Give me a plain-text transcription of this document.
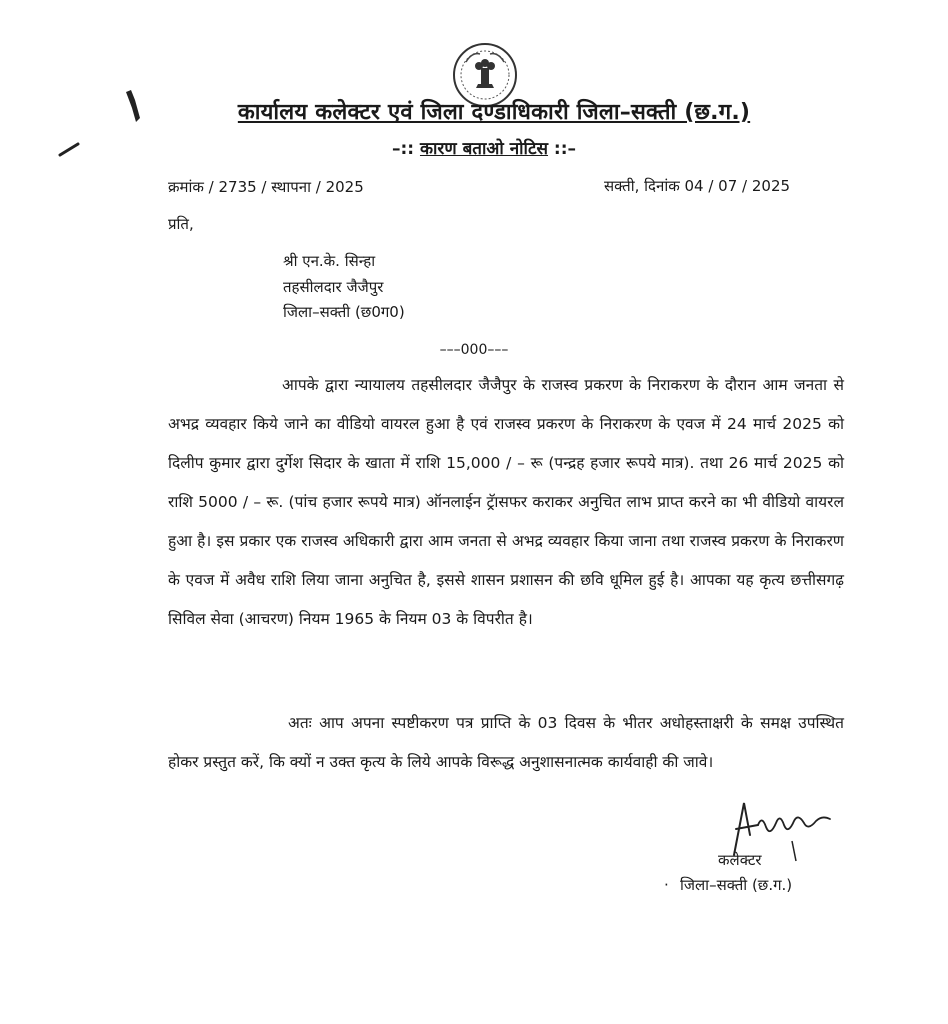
कार्यालय कलेक्टर एवं जिला दण्डाधिकारी जिला–सक्ती (छ.ग.)
–:: कारण बताओ नोटिस ::–
क्रमांक / 2735 / स्थापना / 2025	सक्ती, दिनांक 04 / 07 / 2025
प्रति,
श्री एन.के. सिन्हा
तहसीलदार जैजैपुर
जिला–सक्ती (छ0ग0)
–––000–––
आपके द्वारा न्यायालय तहसीलदार जैजैपुर के राजस्व प्रकरण के निराकरण के दौरान आम जनता से अभद्र व्यवहार किये जाने का वीडियो वायरल हुआ है एवं राजस्व प्रकरण के निराकरण के एवज में 24 मार्च 2025 को दिलीप कुमार द्वारा दुर्गेश सिदार के खाता में राशि 15,000 / – रू (पन्द्रह हजार रूपये मात्र). तथा 26 मार्च 2025 को राशि 5000 / – रू. (पांच हजार रूपये मात्र) ऑनलाईन ट्रॅासफर कराकर अनुचित लाभ प्राप्त करने का भी वीडियो वायरल हुआ है। इस प्रकार एक राजस्व अधिकारी द्वारा आम जनता से अभद्र व्यवहार किया जाना तथा राजस्व प्रकरण के निराकरण के एवज में अवैध राशि लिया जाना अनुचित है, इससे शासन प्रशासन की छवि धूमिल हुई है। आपका यह कृत्य छत्तीसगढ़ सिविल सेवा (आचरण) नियम 1965 के नियम 03 के विपरीत है।
अतः आप अपना स्पष्टीकरण पत्र प्राप्ति के 03 दिवस के भीतर अधोहस्ताक्षरी के समक्ष उपस्थित होकर प्रस्तुत करें, कि क्यों न उक्त कृत्य के लिये आपके विरूद्ध अनुशासनात्मक कार्यवाही की जावे।
कलेक्टर
· जिला–सक्ती (छ.ग.)
